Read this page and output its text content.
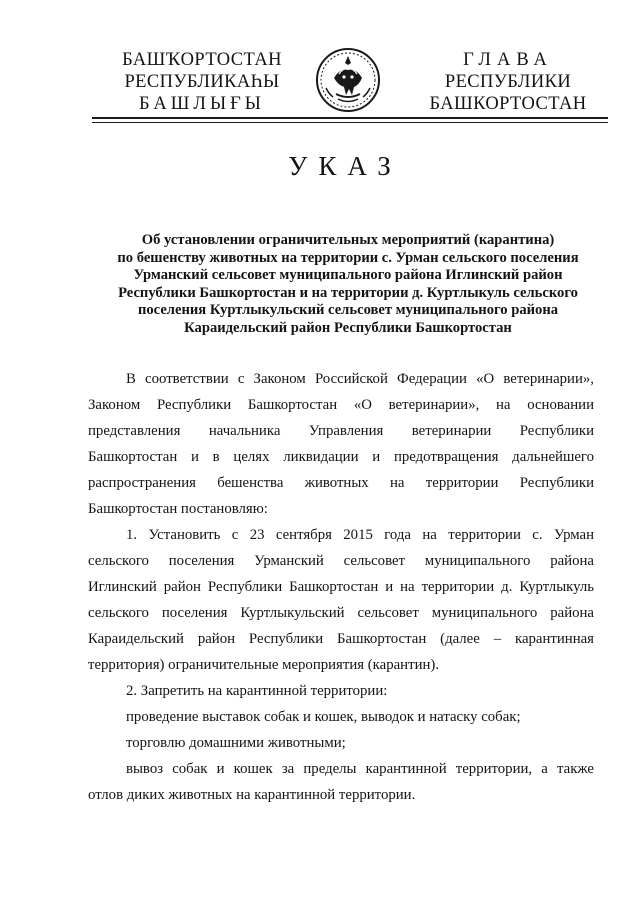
БАШҠОРТОСТАН
РЕСПУБЛИКАҺЫ
БАШЛЫҒЫ
ГЛАВА
РЕСПУБЛИКИ
БАШКОРТОСТАН
УКАЗ
Об установлении ограничительных мероприятий (карантина)
по бешенству животных на территории с. Урман сельского поселения
Урманский сельсовет муниципального района Иглинский район
Республики Башкортостан и на территории д. Куртлыкуль сельского
поселения Куртлыкульский сельсовет муниципального района
Караидельский район Республики Башкортостан
В соответствии с Законом Российской Федерации «О ветеринарии»,
Законом Республики Башкортостан «О ветеринарии», на основании
представления начальника Управления ветеринарии Республики
Башкортостан и в целях ликвидации и предотвращения дальнейшего
распространения бешенства животных на территории Республики
Башкортостан постановляю:
1. Установить с 23 сентября 2015 года на территории с. Урман
сельского поселения Урманский сельсовет муниципального района
Иглинский район Республики Башкортостан и на территории д. Куртлыкуль
сельского поселения Куртлыкульский сельсовет муниципального района
Караидельский район Республики Башкортостан (далее – карантинная
территория) ограничительные мероприятия (карантин).
2. Запретить на карантинной территории:
проведение выставок собак и кошек, выводок и натаску собак;
торговлю домашними животными;
вывоз собак и кошек за пределы карантинной территории, а также
отлов диких животных на карантинной территории.
